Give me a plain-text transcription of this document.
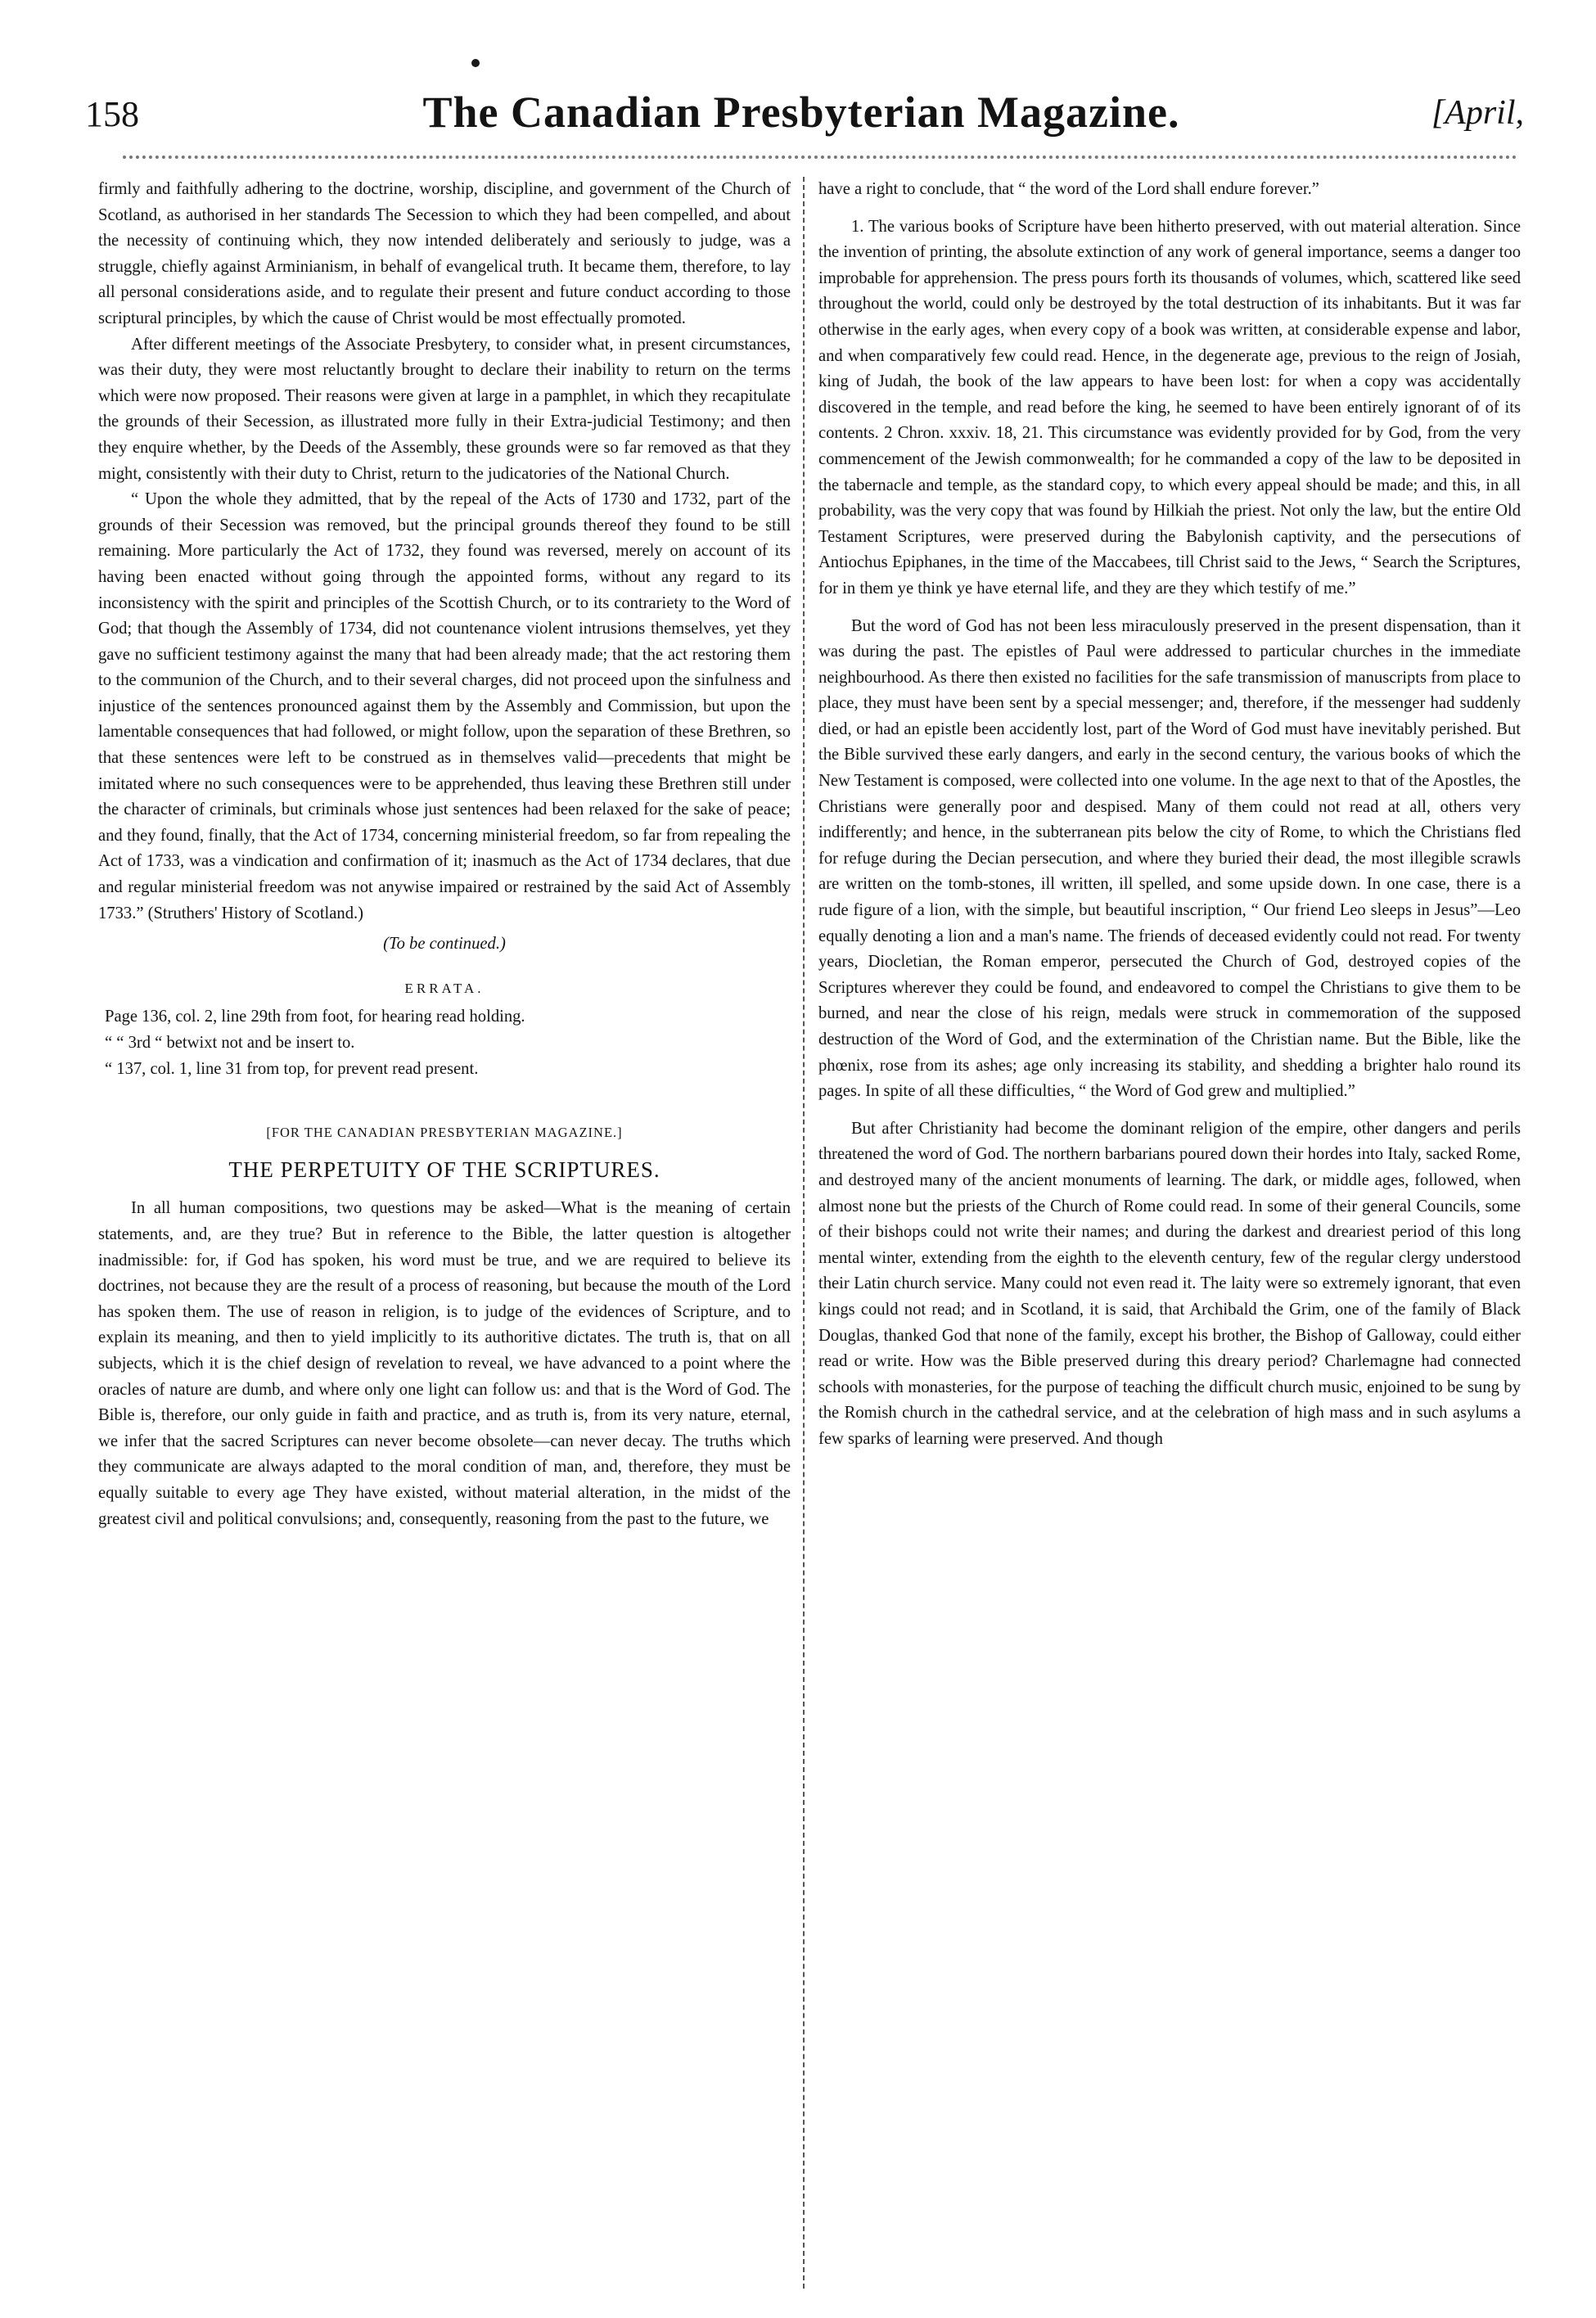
158	The Canadian Presbyterian Magazine.	[April,

firmly and faithfully adhering to the doctrine, worship, discipline, and government of the Church of Scotland, as authorised in her standards The Secession to which they had been compelled, and about the necessity of continuing which, they now intended deliberately and seriously to judge, was a struggle, chiefly against Arminianism, in behalf of evangelical truth. It became them, therefore, to lay all personal considerations aside, and to regulate their present and future conduct according to those scriptural principles, by which the cause of Christ would be most effectually promoted.

After different meetings of the Associate Presbytery, to consider what, in present circumstances, was their duty, they were most reluctantly brought to declare their inability to return on the terms which were now proposed. Their reasons were given at large in a pamphlet, in which they recapitulate the grounds of their Secession, as illustrated more fully in their Extra-judicial Testimony; and then they enquire whether, by the Deeds of the Assembly, these grounds were so far removed as that they might, consistently with their duty to Christ, return to the judicatories of the National Church.

“ Upon the whole they admitted, that by the repeal of the Acts of 1730 and 1732, part of the grounds of their Secession was removed, but the principal grounds thereof they found to be still remaining. More particularly the Act of 1732, they found was reversed, merely on account of its having been enacted without going through the appointed forms, without any regard to its inconsistency with the spirit and principles of the Scottish Church, or to its contrariety to the Word of God; that though the Assembly of 1734, did not countenance violent intrusions themselves, yet they gave no sufficient testimony against the many that had been already made; that the act restoring them to the communion of the Church, and to their several charges, did not proceed upon the sinfulness and injustice of the sentences pronounced against them by the Assembly and Commission, but upon the lamentable consequences that had followed, or might follow, upon the separation of these Brethren, so that these sentences were left to be construed as in themselves valid—precedents that might be imitated where no such consequences were to be apprehended, thus leaving these Brethren still under the character of criminals, but criminals whose just sentences had been relaxed for the sake of peace; and they found, finally, that the Act of 1734, concerning ministerial freedom, so far from repealing the Act of 1733, was a vindication and confirmation of it; inasmuch as the Act of 1734 declares, that due and regular ministerial freedom was not anywise impaired or restrained by the said Act of Assembly 1733.” (Struthers' History of Scotland.)

(To be continued.)

ERRATA.

Page 136, col. 2, line 29th from foot, for hearing read holding.
“ “ 3rd “ betwixt not and be insert to.
“ 137, col. 1, line 31 from top, for prevent read present.

[FOR THE CANADIAN PRESBYTERIAN MAGAZINE.]

THE PERPETUITY OF THE SCRIPTURES.

In all human compositions, two questions may be asked—What is the meaning of certain statements, and, are they true? But in reference to the Bible, the latter question is altogether inadmissible: for, if God has spoken, his word must be true, and we are required to believe its doctrines, not because they are the result of a process of reasoning, but because the mouth of the Lord has spoken them. The use of reason in religion, is to judge of the evidences of Scripture, and to explain its meaning, and then to yield implicitly to its authoritive dictates. The truth is, that on all subjects, which it is the chief design of revelation to reveal, we have advanced to a point where the oracles of nature are dumb, and where only one light can follow us: and that is the Word of God. The Bible is, therefore, our only guide in faith and practice, and as truth is, from its very nature, eternal, we infer that the sacred Scriptures can never become obsolete—can never decay. The truths which they communicate are always adapted to the moral condition of man, and, therefore, they must be equally suitable to every age They have existed, without material alteration, in the midst of the greatest civil and political convulsions; and, consequently, reasoning from the past to the future, we

have a right to conclude, that “ the word of the Lord shall endure forever.”

1. The various books of Scripture have been hitherto preserved, with out material alteration. Since the invention of printing, the absolute extinction of any work of general importance, seems a danger too improbable for apprehension. The press pours forth its thousands of volumes, which, scattered like seed throughout the world, could only be destroyed by the total destruction of its inhabitants. But it was far otherwise in the early ages, when every copy of a book was written, at considerable expense and labor, and when comparatively few could read. Hence, in the degenerate age, previous to the reign of Josiah, king of Judah, the book of the law appears to have been lost: for when a copy was accidentally discovered in the temple, and read before the king, he seemed to have been entirely ignorant of of its contents. 2 Chron. xxxiv. 18, 21. This circumstance was evidently provided for by God, from the very commencement of the Jewish commonwealth; for he commanded a copy of the law to be deposited in the tabernacle and temple, as the standard copy, to which every appeal should be made; and this, in all probability, was the very copy that was found by Hilkiah the priest. Not only the law, but the entire Old Testament Scriptures, were preserved during the Babylonish captivity, and the persecutions of Antiochus Epiphanes, in the time of the Maccabees, till Christ said to the Jews, “ Search the Scriptures, for in them ye think ye have eternal life, and they are they which testify of me.”

But the word of God has not been less miraculously preserved in the present dispensation, than it was during the past. The epistles of Paul were addressed to particular churches in the immediate neighbourhood. As there then existed no facilities for the safe transmission of manuscripts from place to place, they must have been sent by a special messenger; and, therefore, if the messenger had suddenly died, or had an epistle been accidently lost, part of the Word of God must have inevitably perished. But the Bible survived these early dangers, and early in the second century, the various books of which the New Testament is composed, were collected into one volume. In the age next to that of the Apostles, the Christians were generally poor and despised. Many of them could not read at all, others very indifferently; and hence, in the subterranean pits below the city of Rome, to which the Christians fled for refuge during the Decian persecution, and where they buried their dead, the most illegible scrawls are written on the tomb-stones, ill written, ill spelled, and some upside down. In one case, there is a rude figure of a lion, with the simple, but beautiful inscription, “ Our friend Leo sleeps in Jesus”—Leo equally denoting a lion and a man's name. The friends of deceased evidently could not read. For twenty years, Diocletian, the Roman emperor, persecuted the Church of God, destroyed copies of the Scriptures wherever they could be found, and endeavored to compel the Christians to give them to be burned, and near the close of his reign, medals were struck in commemoration of the supposed destruction of the Word of God, and the extermination of the Christian name. But the Bible, like the phœnix, rose from its ashes; age only increasing its stability, and shedding a brighter halo round its pages. In spite of all these difficulties, “ the Word of God grew and multiplied.”

But after Christianity had become the dominant religion of the empire, other dangers and perils threatened the word of God. The northern barbarians poured down their hordes into Italy, sacked Rome, and destroyed many of the ancient monuments of learning. The dark, or middle ages, followed, when almost none but the priests of the Church of Rome could read. In some of their general Councils, some of their bishops could not write their names; and during the darkest and dreariest period of this long mental winter, extending from the eighth to the eleventh century, few of the regular clergy understood their Latin church service. Many could not even read it. The laity were so extremely ignorant, that even kings could not read; and in Scotland, it is said, that Archibald the Grim, one of the family of Black Douglas, thanked God that none of the family, except his brother, the Bishop of Galloway, could either read or write. How was the Bible preserved during this dreary period? Charlemagne had connected schools with monasteries, for the purpose of teaching the difficult church music, enjoined to be sung by the Romish church in the cathedral service, and at the celebration of high mass and in such asylums a few sparks of learning were preserved. And though
